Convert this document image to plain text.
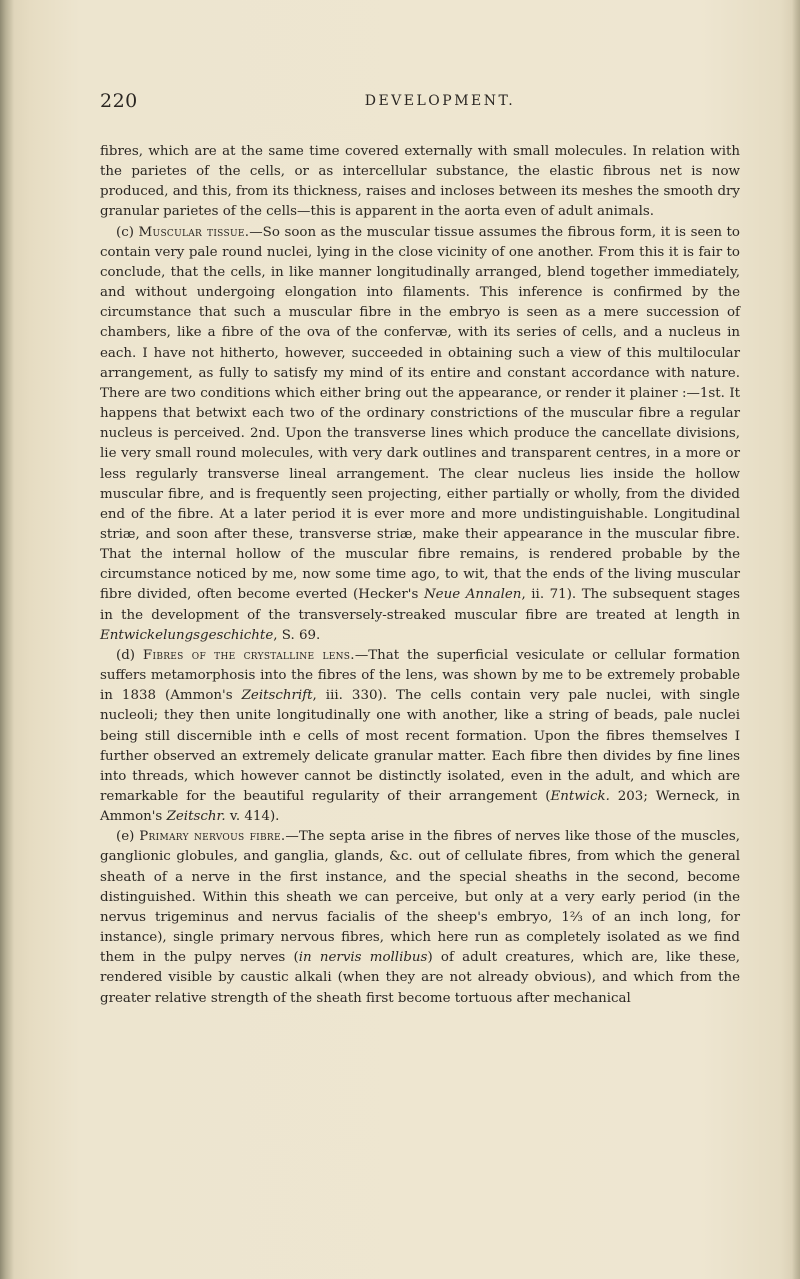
220	DEVELOPMENT.

fibres, which are at the same time covered externally with small molecules. In relation with the parietes of the cells, or as intercellular substance, the elastic fibrous net is now produced, and this, from its thickness, raises and incloses between its meshes the smooth dry granular parietes of the cells—this is apparent in the aorta even of adult animals.

(c) Muscular tissue.—So soon as the muscular tissue assumes the fibrous form, it is seen to contain very pale round nuclei, lying in the close vicinity of one another. From this it is fair to conclude, that the cells, in like manner longitudinally arranged, blend together immediately, and without undergoing elongation into filaments. This inference is confirmed by the circumstance that such a muscular fibre in the embryo is seen as a mere succession of chambers, like a fibre of the ova of the confervæ, with its series of cells, and a nucleus in each. I have not hitherto, however, succeeded in obtaining such a view of this multilocular arrangement, as fully to satisfy my mind of its entire and constant accordance with nature. There are two conditions which either bring out the appearance, or render it plainer :—1st. It happens that betwixt each two of the ordinary constrictions of the muscular fibre a regular nucleus is perceived. 2nd. Upon the transverse lines which produce the cancellate divisions, lie very small round molecules, with very dark outlines and transparent centres, in a more or less regularly transverse lineal arrangement. The clear nucleus lies inside the hollow muscular fibre, and is frequently seen projecting, either partially or wholly, from the divided end of the fibre. At a later period it is ever more and more undistinguishable. Longitudinal striæ, and soon after these, transverse striæ, make their appearance in the muscular fibre. That the internal hollow of the muscular fibre remains, is rendered probable by the circumstance noticed by me, now some time ago, to wit, that the ends of the living muscular fibre divided, often become everted (Hecker's Neue Annalen, ii. 71). The subsequent stages in the development of the transversely-streaked muscular fibre are treated at length in Entwickelungsgeschichte, S. 69.

(d) Fibres of the crystalline lens.—That the superficial vesiculate or cellular formation suffers metamorphosis into the fibres of the lens, was shown by me to be extremely probable in 1838 (Ammon's Zeitschrift, iii. 330). The cells contain very pale nuclei, with single nucleoli; they then unite longitudinally one with another, like a string of beads, pale nuclei being still discernible inth e cells of most recent formation. Upon the fibres themselves I further observed an extremely delicate granular matter. Each fibre then divides by fine lines into threads, which however cannot be distinctly isolated, even in the adult, and which are remarkable for the beautiful regularity of their arrangement (Entwick. 203; Werneck, in Ammon's Zeitschr. v. 414).

(e) Primary nervous fibre.—The septa arise in the fibres of nerves like those of the muscles, ganglionic globules, and ganglia, glands, &c. out of cellulate fibres, from which the general sheath of a nerve in the first instance, and the special sheaths in the second, become distinguished. Within this sheath we can perceive, but only at a very early period (in the nervus trigeminus and nervus facialis of the sheep's embryo, 1⅔ of an inch long, for instance), single primary nervous fibres, which here run as completely isolated as we find them in the pulpy nerves (in nervis mollibus) of adult creatures, which are, like these, rendered visible by caustic alkali (when they are not already obvious), and which from the greater relative strength of the sheath first become tortuous after mechanical
